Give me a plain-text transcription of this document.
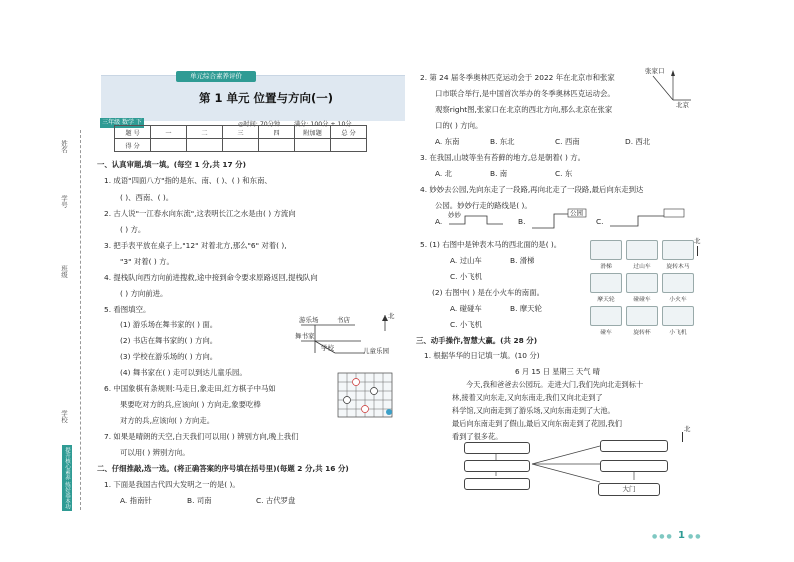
姓名
学号
班级
学校
提升核心素养 练好基本功
单元综合素养评价
第 1 单元 位置与方向(一)
三年级 数学 下 (RJ)
◎时间: 70分钟 满分: 100分 + 10分
题 号	一	二	三	四	附加题	总 分
得 分						
一、认真审题,填一填。(每空 1 分,共 17 分)
1. 成语"四面八方"指的是东、南、( )、( ) 和东南、
( )、西南、( )。
2. 古人说"一江春水向东流",这表明长江之水是由( ) 方流向
( ) 方。
3. 把手表平放在桌子上,"12" 对着北方,那么"6" 对着( ),
"3" 对着( ) 方。
4. 提栈队向西方向前进搜救,途中接到命令要求原路返回,提栈队向
( ) 方向前进。
5. 看图填空。
(1) 游乐场在舞书家的( ) 面。
(2) 书店在舞书家的( ) 方向。
(3) 学校在游乐场的( ) 方向。
(4) 舞书家在( ) 走可以到达儿童乐园。
北
游乐场	书店
舞书家
学校	儿童乐园
6. 中国象棋有条规则:马走日,象走田,红方棋子中马如
果要吃对方的兵,应该向( ) 方向走,象要吃棒
对方的兵,应该向( ) 方向走。
7. 如果是晴朗的天空,白天我们可以用( ) 辨别方向,晚上我们
可以用( ) 辨别方向。
二、仔细推敲,选一选。(将正确答案的序号填在括号里)(每题 2 分,共 16 分)
1. 下面是我国古代四大发明之一的是( )。
A. 指南针	B. 司南	C. 古代罗盘
2. 第 24 届冬季奥林匹克运动会于 2022 年在北京市和张家
口市联合举行,是中国首次举办的冬季奥林匹克运动会。
观察right图,张家口在北京的西北方向,那么北京在张家
口的( ) 方向。
张家口
北京
A. 东南	B. 东北	C. 西南	D. 西北
3. 在我国,山坡等坐有苔藓的地方,总是朝着( ) 方。
A. 北	B. 南	C. 东
4. 妙妙去公园,先向东走了一段路,再向北走了一段路,最后向东走到达
公园。妙妙行走的路线是( )。
A.	B.	C.
妙妙	公园
5. (1) 右图中是钟表木马的西北面的是( )。
A. 过山车	B. 滑梯
C. 小飞机
(2) 右图中( ) 是在小火车的南面。
A. 碰碰车	B. 摩天轮
C. 小飞机
滑梯	过山车	旋转木马
摩天轮	碰碰车	小火车
碰车	旋转杯	小飞机
北
三、动手操作,智慧大赢。(共 28 分)
1. 根据华华的日记填一填。(10 分)
6 月 15 日 星期三 天气 晴
今天,我和爸爸去公园玩。走进大门,我们先向北走到标十
林,接着又向东走,又向东南走,我们又向北走到了
科学馆,又向南走到了游乐场,又向东南走到了大池。
最后向东南走到了假山,最后又向东南走到了花园,我们
看到了很多花。
大门
北
●●● 1 ●●
